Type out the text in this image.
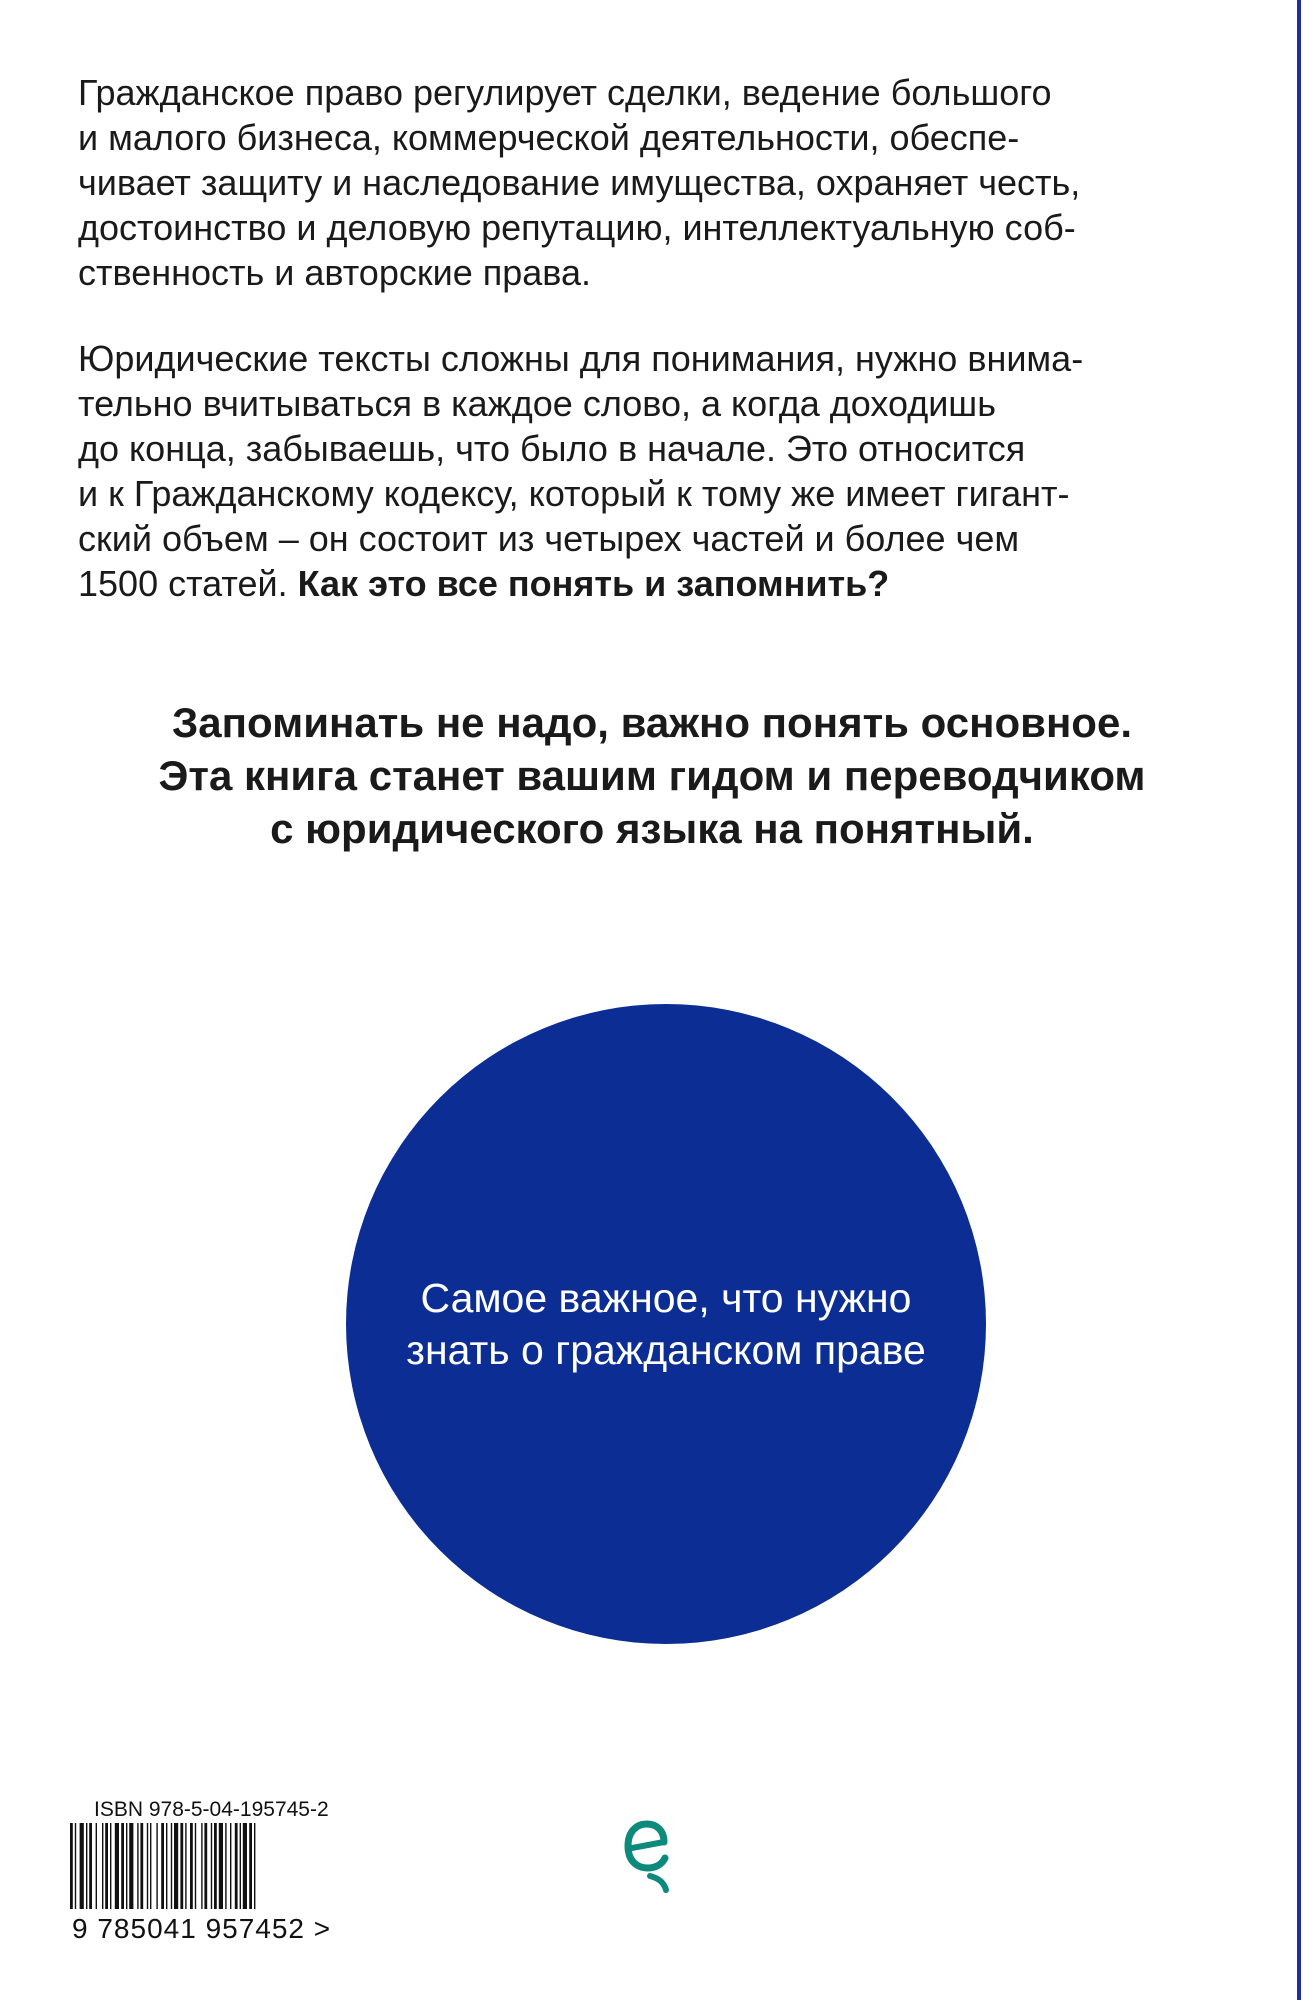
Гражданское право регулирует сделки, ведение большого
и малого бизнеса, коммерческой деятельности, обеспе-
чивает защиту и наследование имущества, охраняет честь,
достоинство и деловую репутацию, интеллектуальную соб-
ственность и авторские права.

Юридические тексты сложны для понимания, нужно внима-
тельно вчитываться в каждое слово, а когда доходишь
до конца, забываешь, что было в начале. Это относится
и к Гражданскому кодексу, который к тому же имеет гигант-
ский объем – он состоит из четырех частей и более чем
1500 статей. Как это все понять и запомнить?

Запоминать не надо, важно понять основное.
Эта книга станет вашим гидом и переводчиком
с юридического языка на понятный.

Самое важное, что нужно
знать о гражданском праве
ISBN 978-5-04-195745-2
9 785041 957452 >
